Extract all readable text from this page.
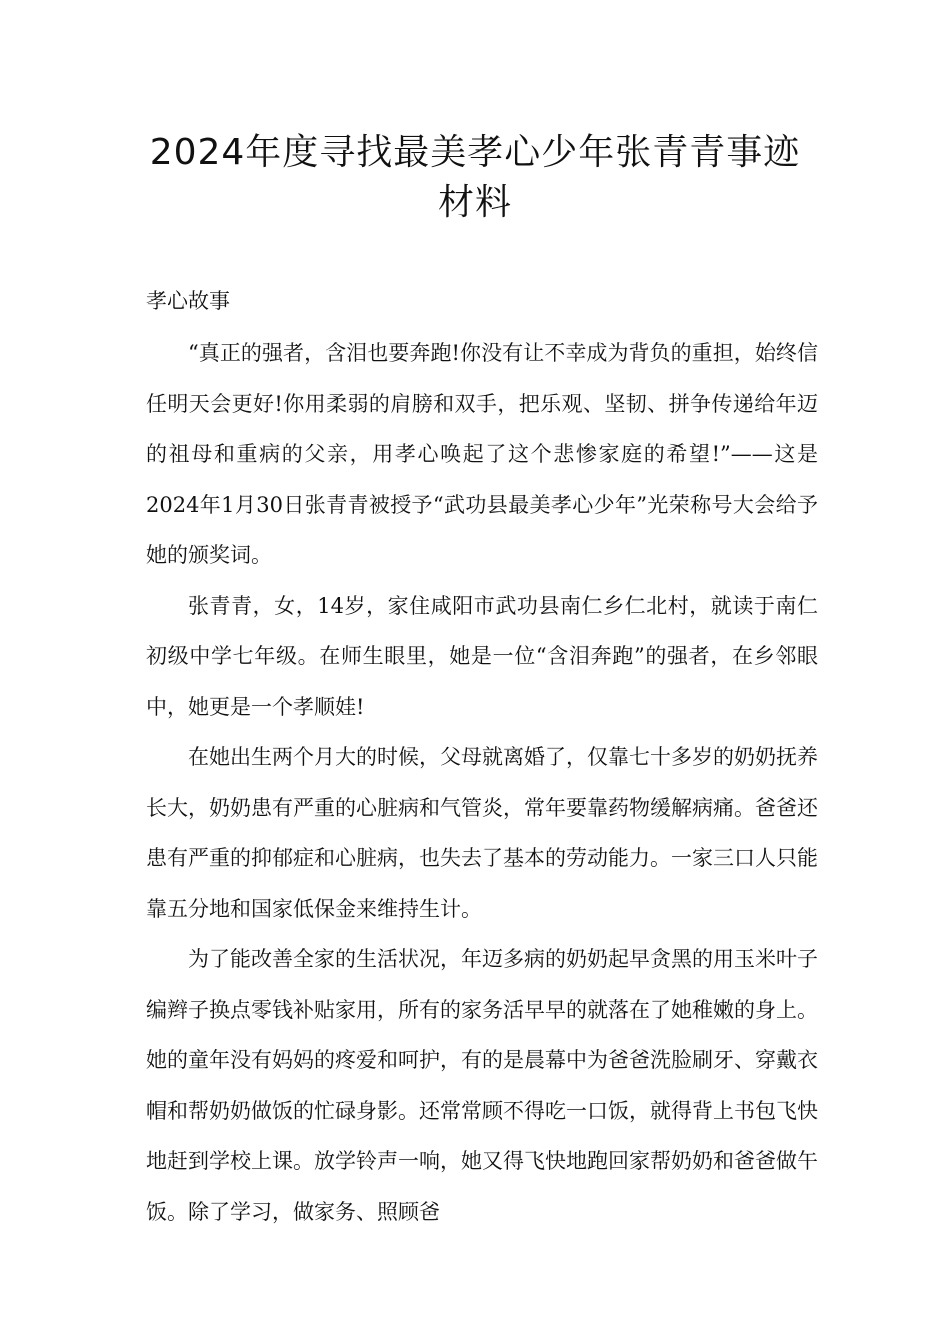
2024年度寻找最美孝心少年张青青事迹
材料
孝心故事

“真正的强者，含泪也要奔跑!你没有让不幸成为背负的重担，始终信任明天会更好!你用柔弱的肩膀和双手，把乐观、坚韧、拼争传递给年迈的祖母和重病的父亲，用孝心唤起了这个悲惨家庭的希望!”——这是2024年1月30日张青青被授予“武功县最美孝心少年”光荣称号大会给予她的颁奖词。

张青青，女，14岁，家住咸阳市武功县南仁乡仁北村，就读于南仁初级中学七年级。在师生眼里，她是一位“含泪奔跑”的强者，在乡邻眼中，她更是一个孝顺娃!

在她出生两个月大的时候，父母就离婚了，仅靠七十多岁的奶奶抚养长大，奶奶患有严重的心脏病和气管炎，常年要靠药物缓解病痛。爸爸还患有严重的抑郁症和心脏病，也失去了基本的劳动能力。一家三口人只能靠五分地和国家低保金来维持生计。

为了能改善全家的生活状况，年迈多病的奶奶起早贪黑的用玉米叶子编辫子换点零钱补贴家用，所有的家务活早早的就落在了她稚嫩的身上。她的童年没有妈妈的疼爱和呵护，有的是晨幕中为爸爸洗脸刷牙、穿戴衣帽和帮奶奶做饭的忙碌身影。还常常顾不得吃一口饭，就得背上书包飞快地赶到学校上课。放学铃声一响，她又得飞快地跑回家帮奶奶和爸爸做午饭。除了学习，做家务、照顾爸
